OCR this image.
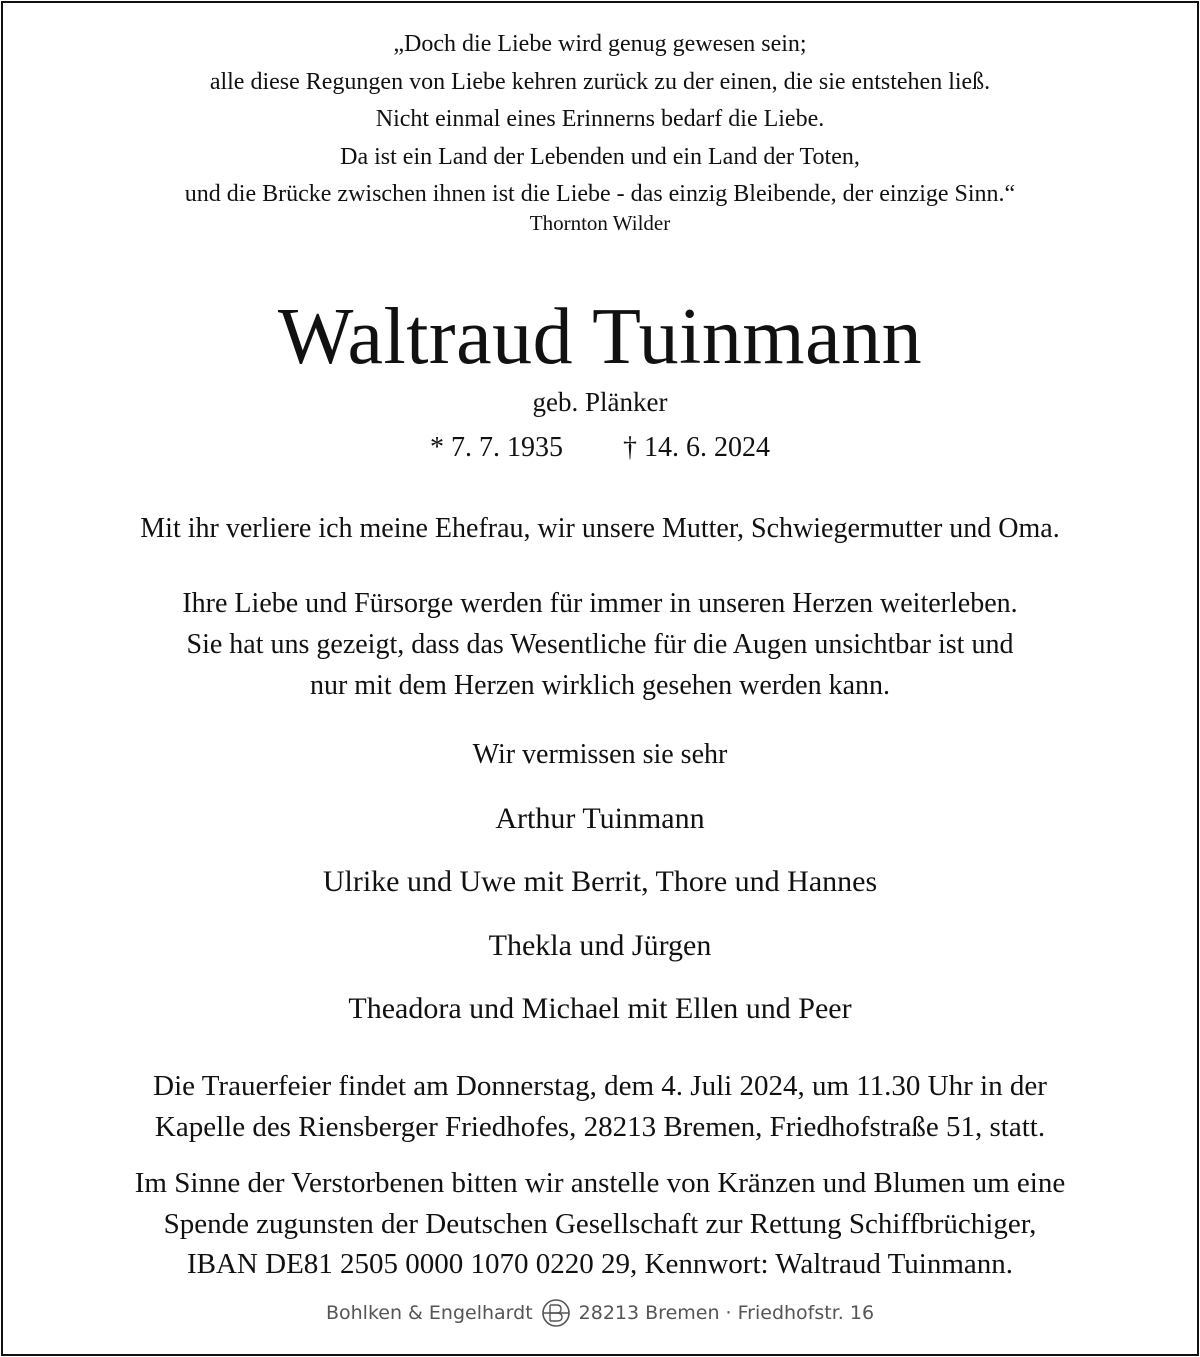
„Doch die Liebe wird genug gewesen sein;
alle diese Regungen von Liebe kehren zurück zu der einen, die sie entstehen ließ.
Nicht einmal eines Erinnerns bedarf die Liebe.
Da ist ein Land der Lebenden und ein Land der Toten,
und die Brücke zwischen ihnen ist die Liebe - das einzig Bleibende, der einzige Sinn.“
Thornton Wilder
Waltraud Tuinmann
geb. Plänker
* 7. 7. 1935 † 14. 6. 2024
Mit ihr verliere ich meine Ehefrau, wir unsere Mutter, Schwiegermutter und Oma.
Ihre Liebe und Fürsorge werden für immer in unseren Herzen weiterleben.
Sie hat uns gezeigt, dass das Wesentliche für die Augen unsichtbar ist und
nur mit dem Herzen wirklich gesehen werden kann.
Wir vermissen sie sehr
Arthur Tuinmann
Ulrike und Uwe mit Berrit, Thore und Hannes
Thekla und Jürgen
Theadora und Michael mit Ellen und Peer
Die Trauerfeier findet am Donnerstag, dem 4. Juli 2024, um 11.30 Uhr in der
Kapelle des Riensberger Friedhofes, 28213 Bremen, Friedhofstraße 51, statt.
Im Sinne der Verstorbenen bitten wir anstelle von Kränzen und Blumen um eine
Spende zugunsten der Deutschen Gesellschaft zur Rettung Schiffbrüchiger,
IBAN DE81 2505 0000 1070 0220 29, Kennwort: Waltraud Tuinmann.
Bohlken & Engelhardt 28213 Bremen · Friedhofstr. 16
